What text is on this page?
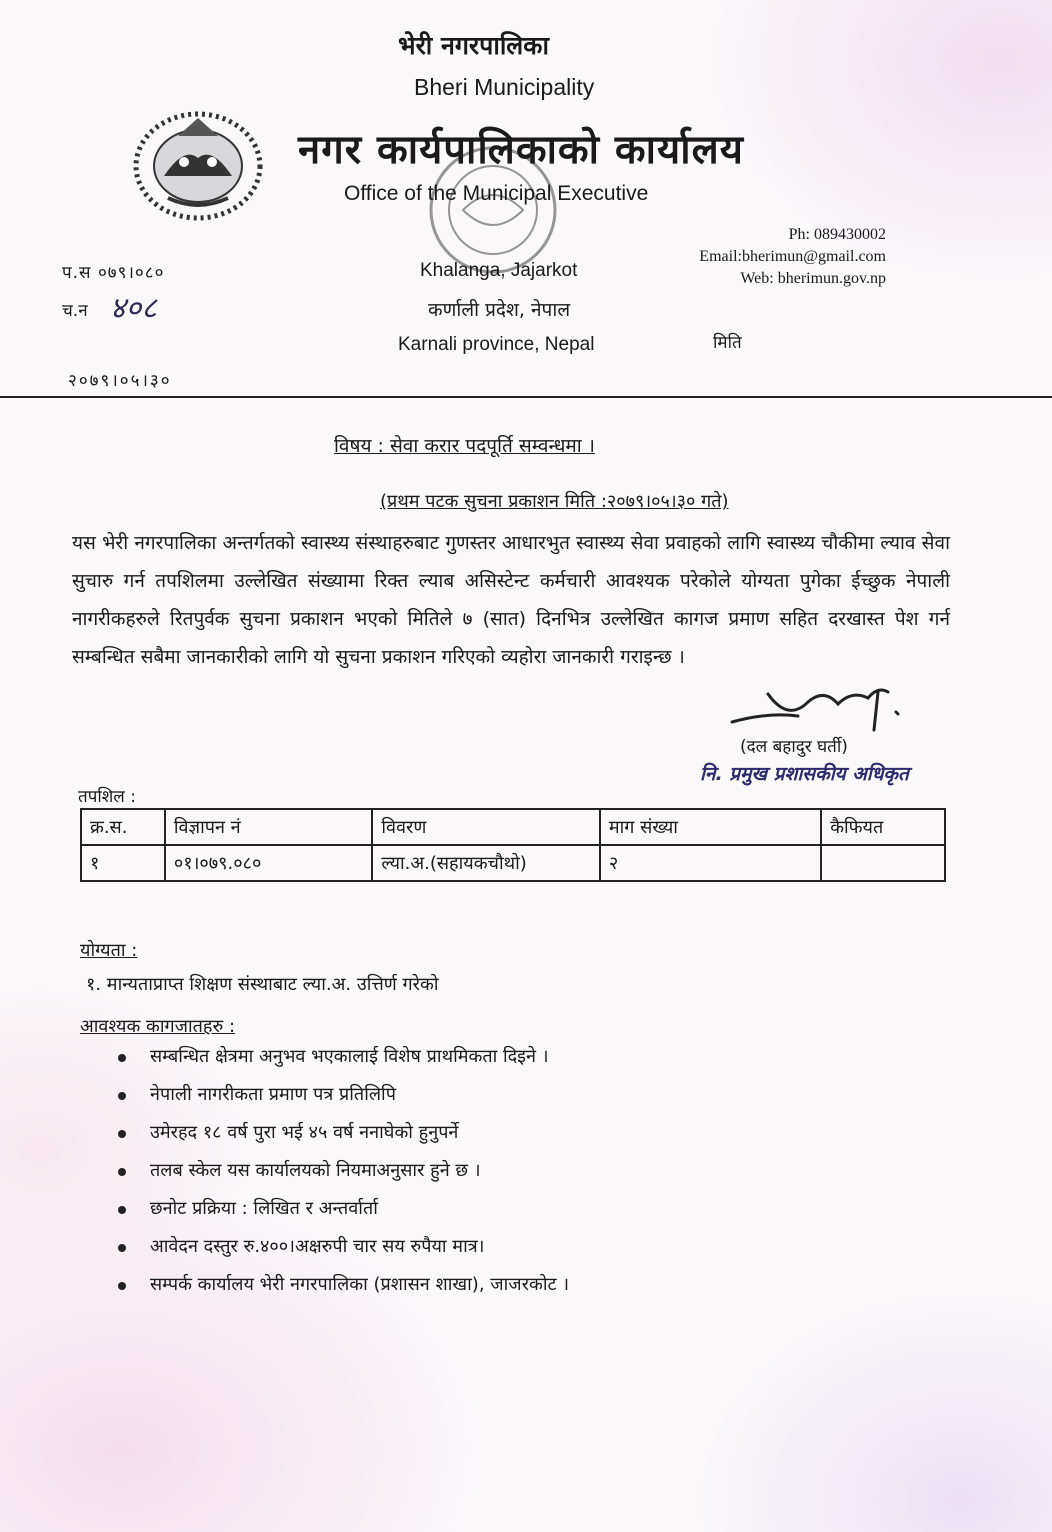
भेरी नगरपालिका
Bheri Municipality
नगर कार्यपालिकाको कार्यालय
Office of the Municipal Executive
Khalanga, Jajarkot
कर्णाली प्रदेश, नेपाल
Karnali province, Nepal
Ph: 089430002
Email:bherimun@gmail.com
Web: bherimun.gov.np
मिति
प.स ०७९।०८०
च.न ४०८
२०७९।०५।३०
विषय : सेवा करार पदपूर्ति सम्वन्धमा ।
(प्रथम पटक सुचना प्रकाशन मिति :२०७९।०५।३० गते)
यस भेरी नगरपालिका अन्तर्गतको स्वास्थ्य संस्थाहरुबाट गुणस्तर आधारभुत स्वास्थ्य सेवा प्रवाहको लागि स्वास्थ्य चौकीमा ल्याव सेवा सुचारु गर्न तपशिलमा उल्लेखित संख्यामा रिक्त ल्याब असिस्टेन्ट कर्मचारी आवश्यक परेकोले योग्यता पुगेका ईच्छुक नेपाली नागरीकहरुले रितपुर्वक सुचना प्रकाशन भएको मितिले ७ (सात) दिनभित्र उल्लेखित कागज प्रमाण सहित दरखास्त पेश गर्न सम्बन्धित सबैमा जानकारीको लागि यो सुचना प्रकाशन गरिएको व्यहोरा जानकारी गराइन्छ ।
(दल बहादुर घर्ती)
नि. प्रमुख प्रशासकीय अधिकृत
तपशिल :
क्र.स.	विज्ञापन नं	विवरण	माग संख्या	कैफियत
१	०१।०७९.०८०	ल्या.अ.(सहायकचौथो)	२	
योग्यता :
१. मान्यताप्राप्त शिक्षण संस्थाबाट ल्या.अ. उत्तिर्ण गरेको
आवश्यक कागजातहरु :
सम्बन्धित क्षेत्रमा अनुभव भएकालाई विशेष प्राथमिकता दिइने ।
नेपाली नागरीकता प्रमाण पत्र प्रतिलिपि
उमेरहद १८ वर्ष पुरा भई ४५ वर्ष ननाघेको हुनुपर्ने
तलब स्केल यस कार्यालयको नियमाअनुसार हुने छ ।
छनोट प्रक्रिया : लिखित र अन्तर्वार्ता
आवेदन दस्तुर रु.४००।अक्षरुपी चार सय रुपैया मात्र।
सम्पर्क कार्यालय भेरी नगरपालिका (प्रशासन शाखा), जाजरकोट ।
